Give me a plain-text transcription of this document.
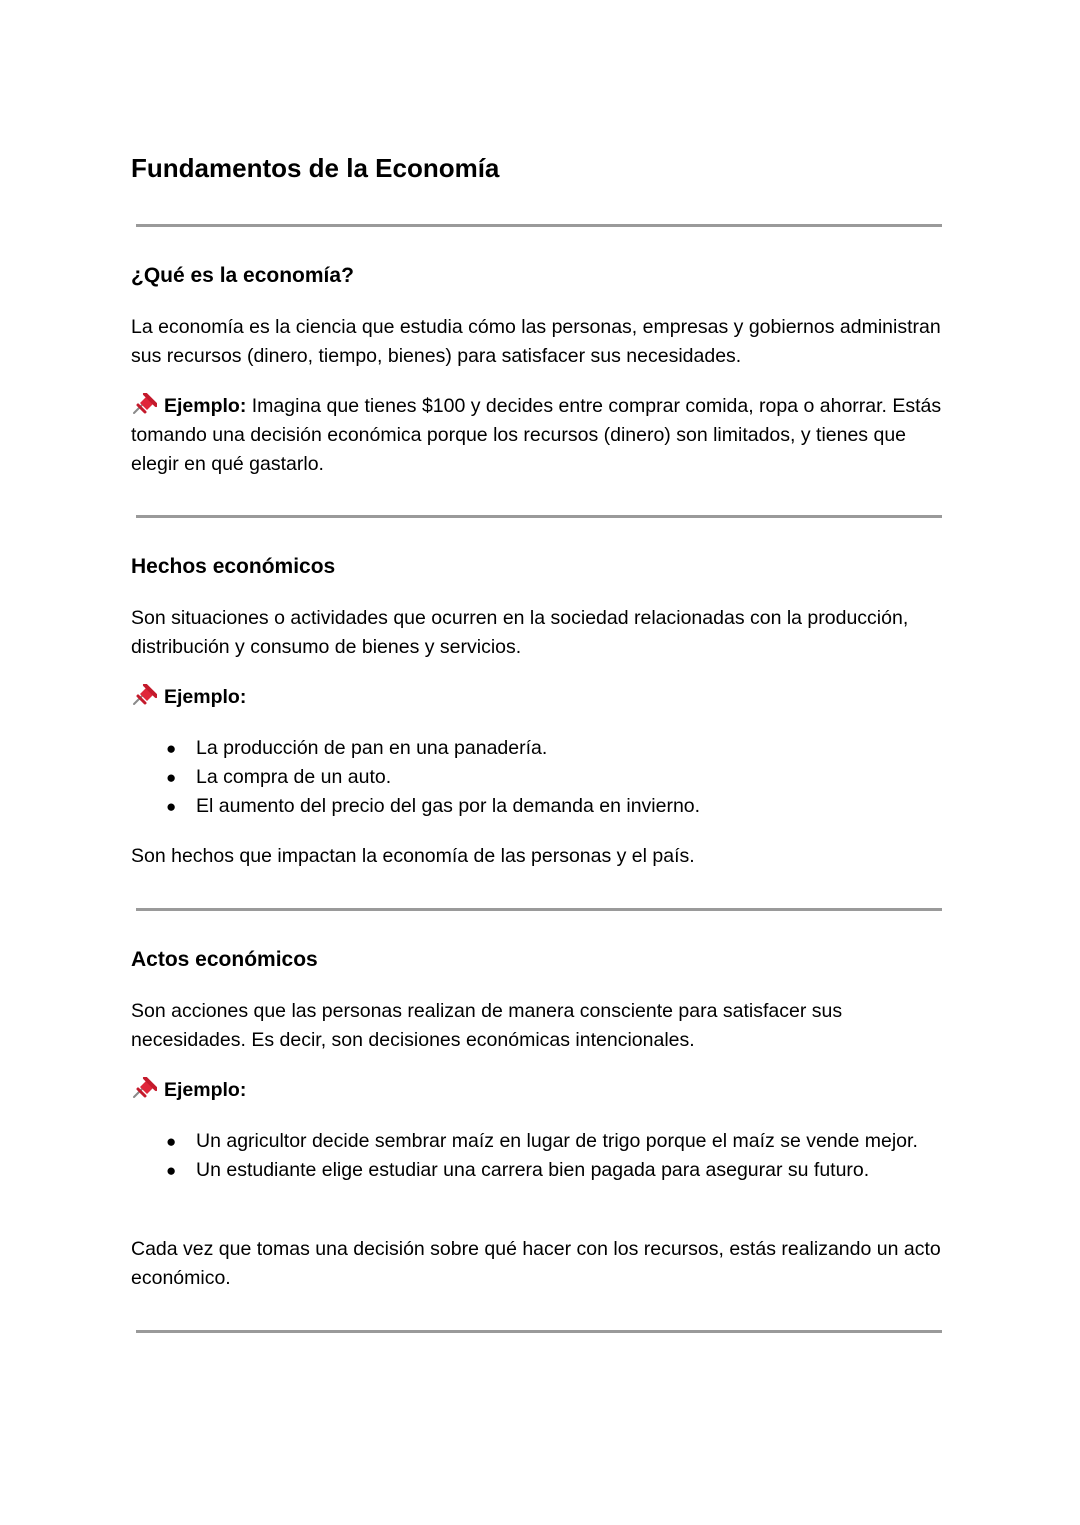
Fundamentos de la Economía
¿Qué es la economía?

La economía es la ciencia que estudia cómo las personas, empresas y gobiernos administran sus recursos (dinero, tiempo, bienes) para satisfacer sus necesidades.

Ejemplo: Imagina que tienes $100 y decides entre comprar comida, ropa o ahorrar. Estás tomando una decisión económica porque los recursos (dinero) son limitados, y tienes que elegir en qué gastarlo.

Hechos económicos

Son situaciones o actividades que ocurren en la sociedad relacionadas con la producción, distribución y consumo de bienes y servicios.

Ejemplo:

● La producción de pan en una panadería.
● La compra de un auto.
● El aumento del precio del gas por la demanda en invierno.

Son hechos que impactan la economía de las personas y el país.

Actos económicos

Son acciones que las personas realizan de manera consciente para satisfacer sus necesidades. Es decir, son decisiones económicas intencionales.

Ejemplo:

● Un agricultor decide sembrar maíz en lugar de trigo porque el maíz se vende mejor.
● Un estudiante elige estudiar una carrera bien pagada para asegurar su futuro.

Cada vez que tomas una decisión sobre qué hacer con los recursos, estás realizando un acto económico.
